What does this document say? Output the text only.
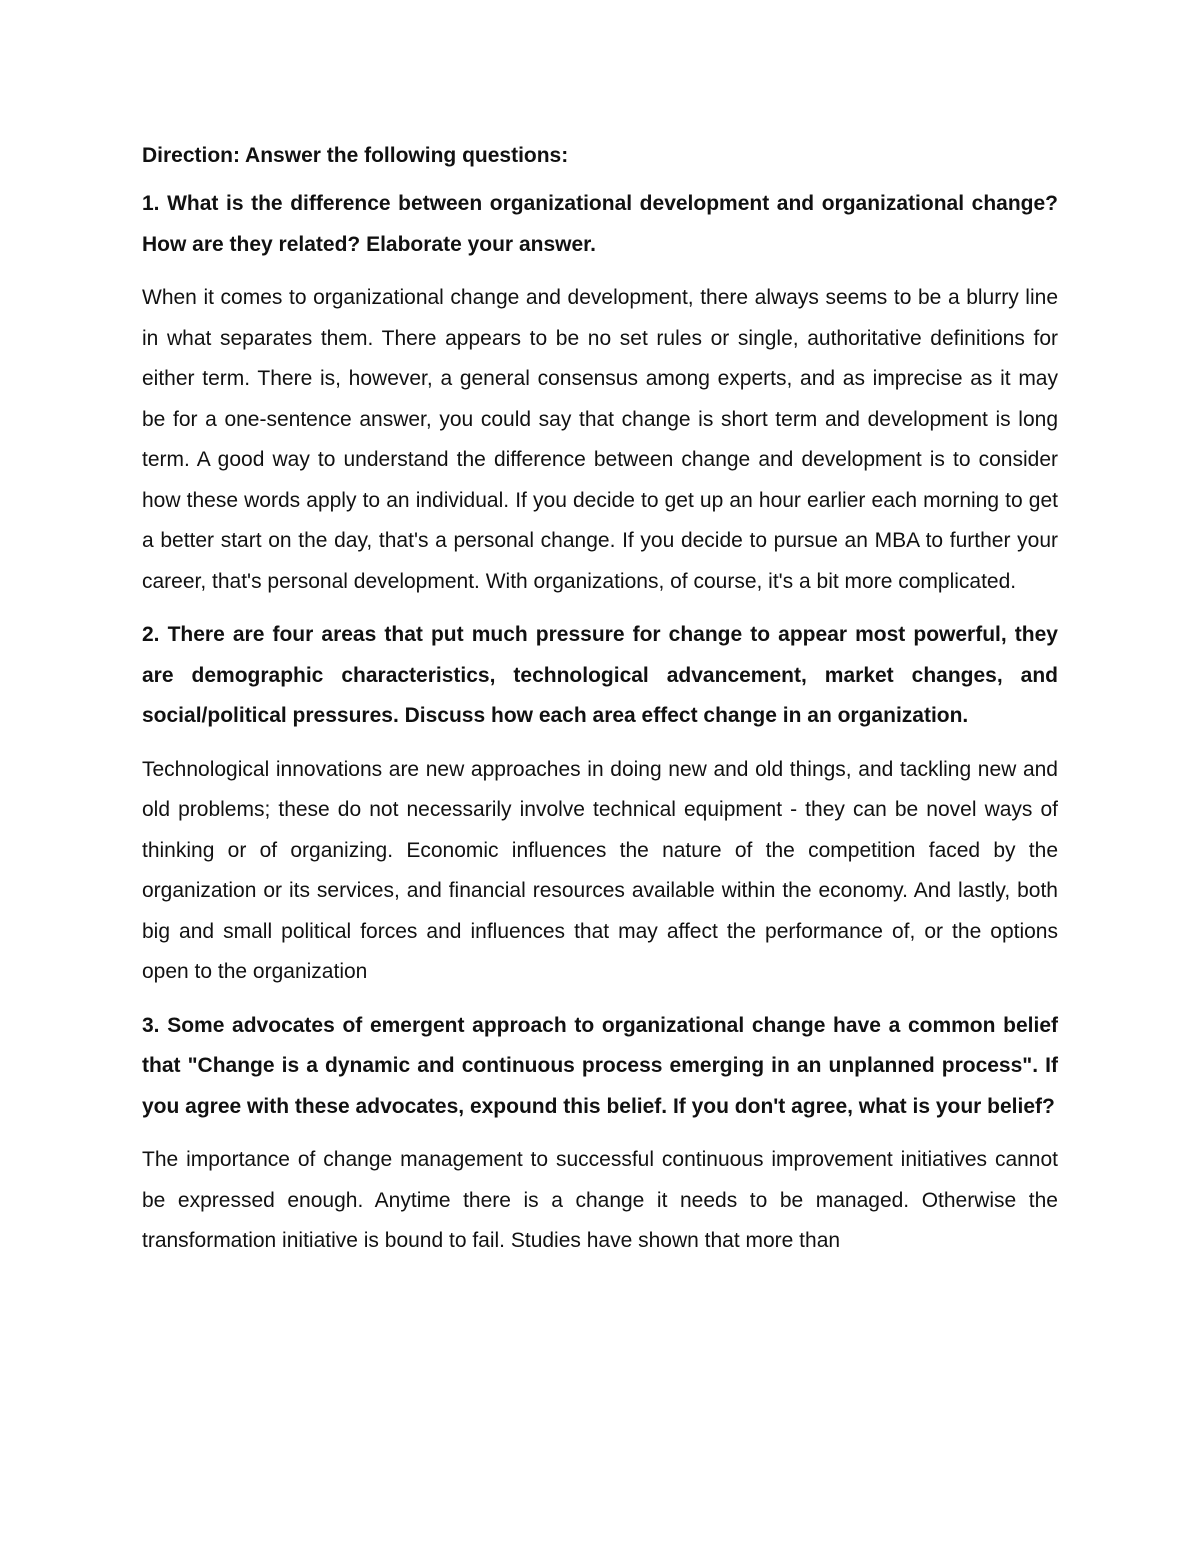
Direction: Answer the following questions:

1. What is the difference between organizational development and organizational change? How are they related? Elaborate your answer.

When it comes to organizational change and development, there always seems to be a blurry line in what separates them. There appears to be no set rules or single, authoritative definitions for either term. There is, however, a general consensus among experts, and as imprecise as it may be for a one-sentence answer, you could say that change is short term and development is long term. A good way to understand the difference between change and development is to consider how these words apply to an individual. If you decide to get up an hour earlier each morning to get a better start on the day, that's a personal change. If you decide to pursue an MBA to further your career, that's personal development. With organizations, of course, it's a bit more complicated.

2. There are four areas that put much pressure for change to appear most powerful, they are demographic characteristics, technological advancement, market changes, and social/political pressures. Discuss how each area effect change in an organization.

Technological innovations are new approaches in doing new and old things, and tackling new and old problems; these do not necessarily involve technical equipment - they can be novel ways of thinking or of organizing. Economic influences the nature of the competition faced by the organization or its services, and financial resources available within the economy. And lastly, both big and small political forces and influences that may affect the performance of, or the options open to the organization

3. Some advocates of emergent approach to organizational change have a common belief that "Change is a dynamic and continuous process emerging in an unplanned process". If you agree with these advocates, expound this belief. If you don't agree, what is your belief?

The importance of change management to successful continuous improvement initiatives cannot be expressed enough. Anytime there is a change it needs to be managed. Otherwise the transformation initiative is bound to fail. Studies have shown that more than
